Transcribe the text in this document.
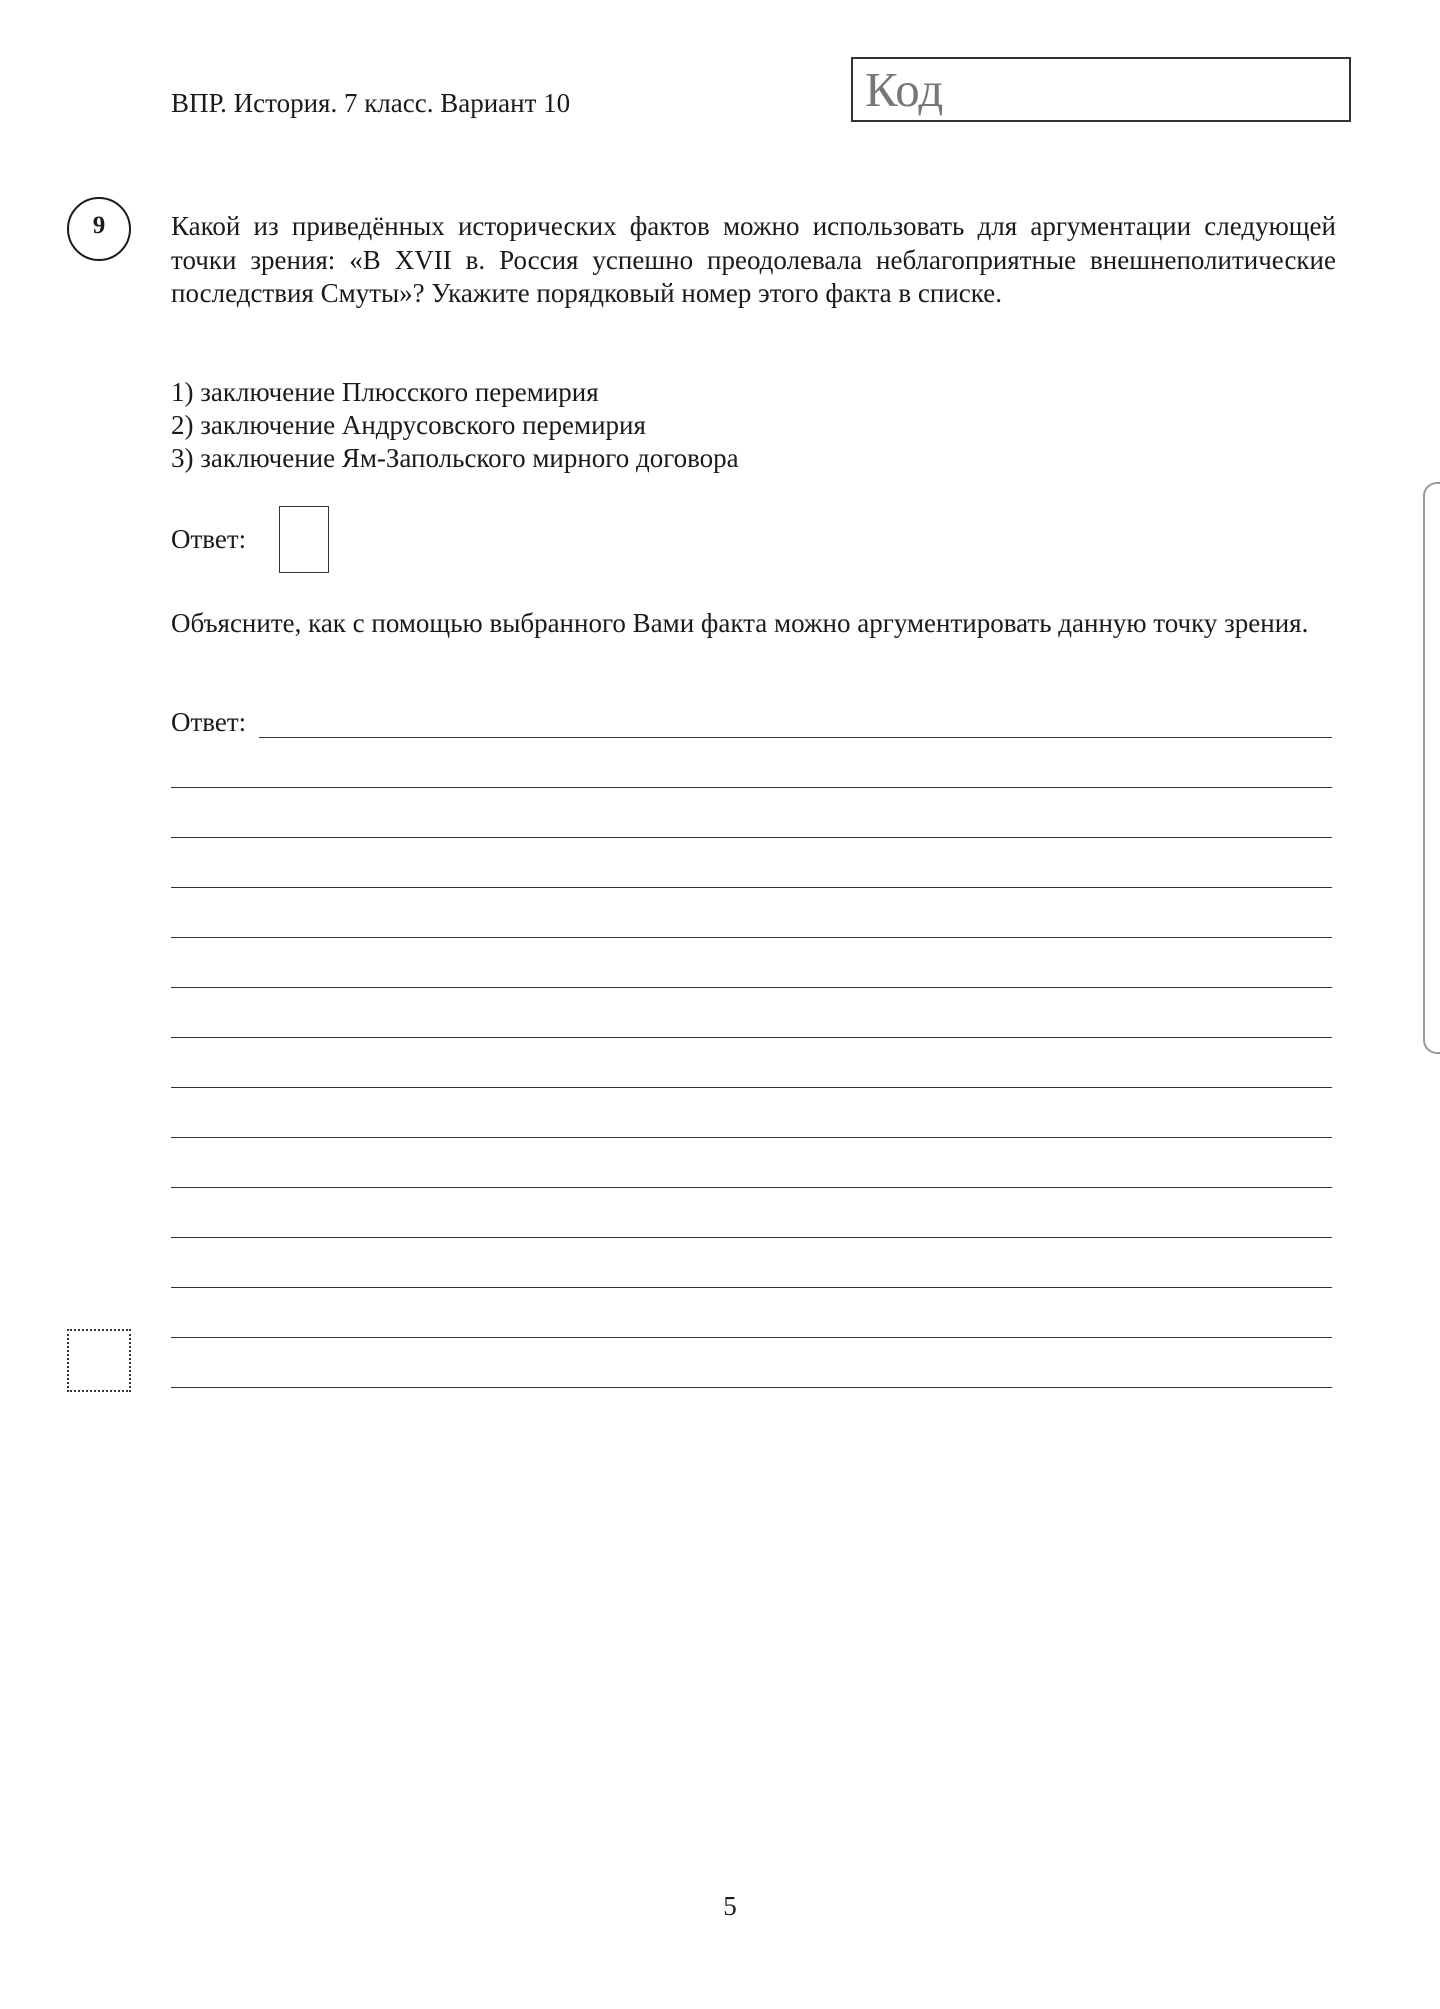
ВПР. История. 7 класс. Вариант 10	Код
9 Какой из приведённых исторических фактов можно использовать для аргументации следующей точки зрения: «В XVII в. Россия успешно преодолевала неблагоприятные внешнеполитические последствия Смуты»? Укажите порядковый номер этого факта в списке.
1) заключение Плюсского перемирия
2) заключение Андрусовского перемирия
3) заключение Ям-Запольского мирного договора
Ответ:
Объясните, как с помощью выбранного Вами факта можно аргументировать данную точку зрения.
Ответ:
5
